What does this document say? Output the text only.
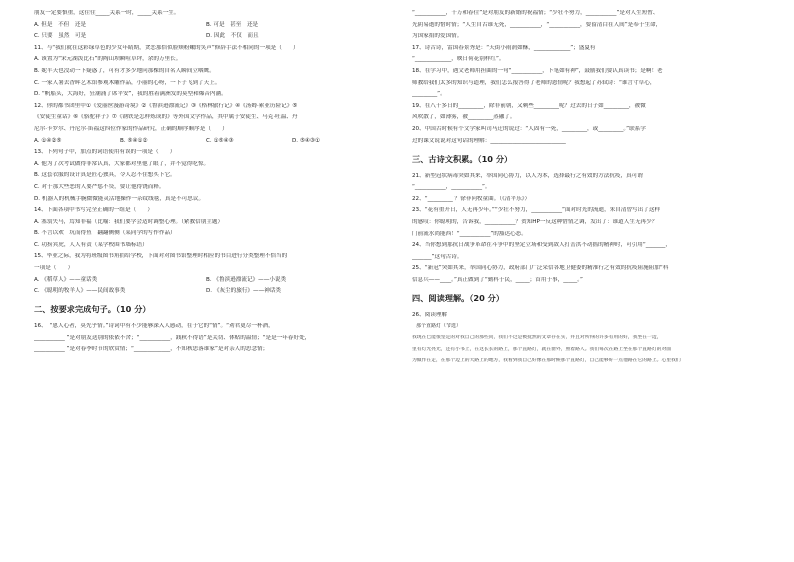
朋友一定要慎重，这往往_____关系一时，_____关系一生。
A. 但是　不但　还是	B. 可是　甚至　还是
C. 只要　虽然　可是	D. 因此　不仅　而且
11、与“我们就在这彩绿草色的少女年睛期，贪恋那恰似脸颊粉嫩的笑声”修辞手法不相同的一项是（　　）
A. 该置为“宋元湖泼比石”的陶山坝瞬喧草坪，余的万里长。
B. 妮半天也没动一下疑惑了，可有才多少地问那棵的自名人瞬间立咽鹰。
C. 一家人暑去香晖艺术馆参观木雕作品，小丽的心呀，一下子飞到了天上。
D. “帆船头，大海好，狂潮涌了席平安”，我的胜着满洲发的莫型和爆音内涵。
12、你的都书团里中①《爱丽丝漫游奇境》②《鲁滨逊漂流记》③《格林旅行记》④《汤姆·索亚历险记》⑤
《安徒生童话》⑥《骆驼祥子》⑦《钢铁是怎样炼成的》等外国文学作品，其中属于安徒生、马克·吐温、丹
尼尔·卡罗尔、丹尼尔·笛福这四位作家的作品研究，正确的顺序顺序是（　　）
A. ①④②⑤	B. ⑤④①②	C. ①⑤④③	D. ⑤④③①
13、下列句子中，加点的词语使用有误的一项是（　　）
A. 他为了次考试做得非常认真，大家都对里他了眼了，并不觉得吃惊。
B. 这套衣服的设计真是匠心独具，令人忍不住想买下它。
C. 对于那大些恶的人要严惩不贷，要让他得饶而释。
D. 机器人的机械手腕微微能灵活地操作一杂纹线毯，真是不可思议。
14、下面各项中书写完全正确的一组是（　　）
A. 塞翁失马，焉知非福（比喻：我们要学会适时调整心理。（紧教信朋主题）
B. 不言以欢　坑而得鱼　翻翻侧侧（某同学的写作作品）
C. 功捞宾虎，人人有责（某学校围书墙标语）
15、毕业之际，我为将班级图书角捐给学校，下面对对图书馆整理时相应的书目进行分类整理不恰当的
一项是（　　）
A. 《稻草人》——童话类	B. 《鲁滨逊漂流记》——小说类
C. 《聪明的牧羊人》——民间故事类	D. 《灰尘的旅行》——神话类
二、按要求完成句子。（10 分）
16、　“恩人心者，莫先乎情。”诗词中有不少能够深入人感动，在于它的“情”。“劝君更尽一杯酒，
___________ ”是对朋友送别的依依不舍；“___________，践秋不得语”是关切、体贴的温情；“是是一年春好处，
___________ ”是对春季时节的欣赏情；“_____________，不知秋思落谁家”是对亲人的思念情；
“___________，千万和春住”是对朋友的新婚的祝福情；“少壮不努力，___________”是对人生短暂、
光阴易逝的惜时情；“人生自古谁无死，___________，“___________，要留清白在人间”是奉于生命，
为国家捐的爱国情。
17、诗古诗，雷国春景秀是：“天街小雨润如酥，_____________”；盛夏有
“_____________，映日荷花别样红”。
18、在学习中，遇文老师用担曲的一句“___________，下笔如有神”，鼓励我们要认真读书；是啊！老
师教给我们太多的知识与道理，我们怎么报答得了老师的恩情呢？我想起了苏轼诗：“谁言寸草心，
_________”。
19、在八千多日的_________，除非前朝，又剩些_________呢？过去的日子如_________，被微
风吹散了，如薄雾，被_________蒸融了。
20、中国古时候有个文学家叫司马迁的说过：“人固有一死，_________，或_________。”联系学
过的课文说说对这句话的理解：___________________________
三、古诗文积累。（10 分）
21、新型冠状病毒突如其来，举国同心协力，以人为本，选择最行之有效的方法抗疫，真可谓
“___________，___________”。
22、“_________ ？徐菲问牧童曲。（《清平乐》）
23、“花有重开日，人无再少年。”“少壮不努力，___________”面对时光的流逝，朱自清曾写出了这样
的感叹：你聪明的，告诉我，___________？贺知HP一反这种惜情之调，发出了：谁道人生无再少？
门前流水尚能西！“___________”的豁达心态。
24、当你想到那抗日战争革命在斗争中的坚定立场和受到敌人打击洪不动摇的精神时，可引用“_______，
_______”这句古诗。
25、“新冠”突如其来，举国同心协力，政府部门广泛采信各地卫健委的精准行之有效的抗疫阻施阻加“科
信息兵——____。”真正做到了“勤科于民，_____；首用于事，_____。”
四、阅读理解。（20 分）
26、阅读理解
那个直路灯（节选）
我现在已能很坚定的对我自己的那些问，我们不过是被抚然的文章存在实，并且对所得的许多有用的好，我坐在一边，
里有灯光亮光，还有小书上，在这长长的路上，那个直路灯，就在窗外，照着路人。我们每次在路上坐在那个直路灯的对面
为做作在走，在那个边上的大路上的地方，我看到我自己好像在那时候那个直路灯，自己能够好一点他路在它的路上。心里我们
